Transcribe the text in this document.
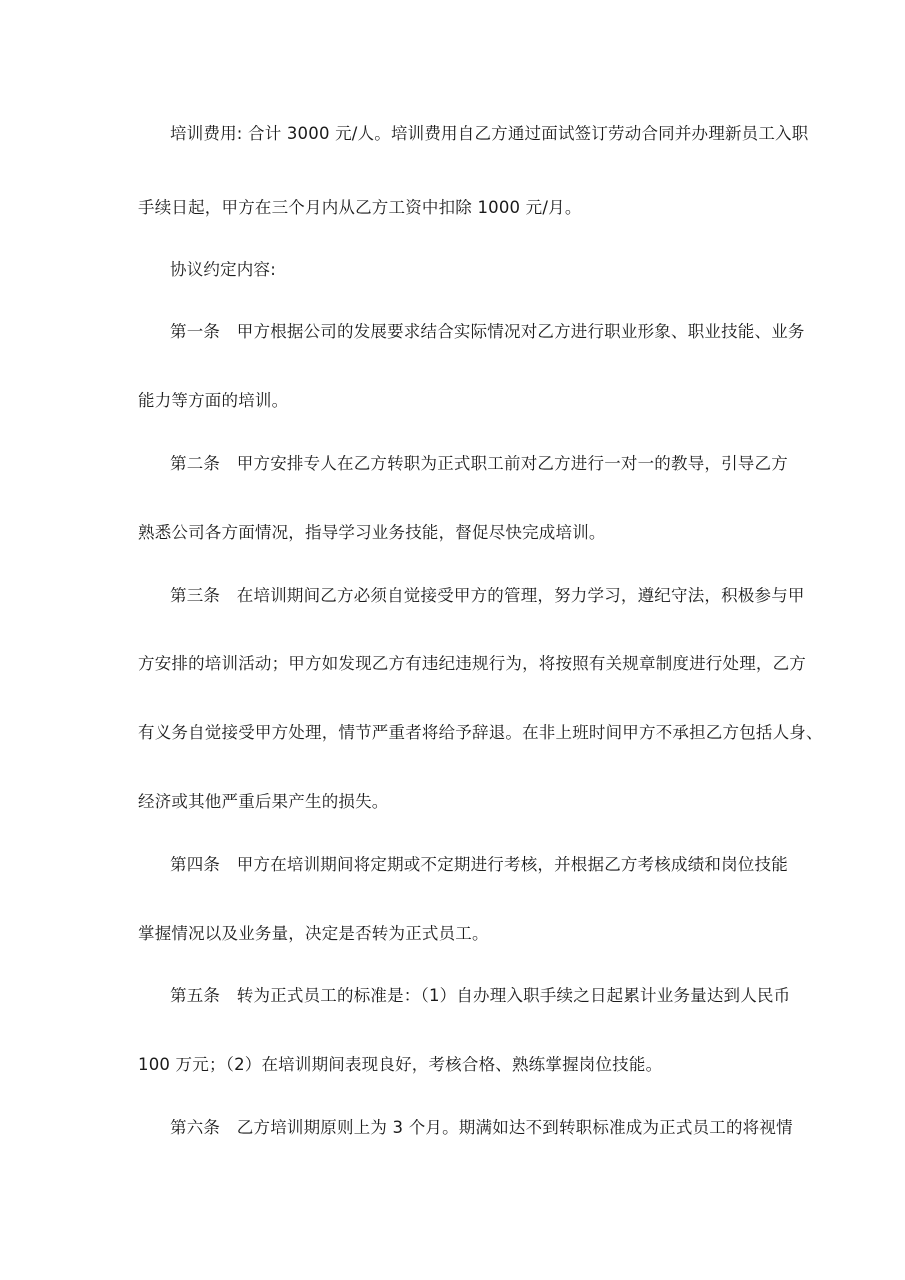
培训费用: 合计 3000 元/人。培训费用自乙方通过面试签订劳动合同并办理新员工入职
手续日起，甲方在三个月内从乙方工资中扣除 1000 元/月。
协议约定内容:
第一条　甲方根据公司的发展要求结合实际情况对乙方进行职业形象、职业技能、业务
能力等方面的培训。
第二条　甲方安排专人在乙方转职为正式职工前对乙方进行一对一的教导，引导乙方
熟悉公司各方面情况，指导学习业务技能，督促尽快完成培训。
第三条　在培训期间乙方必须自觉接受甲方的管理，努力学习，遵纪守法，积极参与甲
方安排的培训活动；甲方如发现乙方有违纪违规行为，将按照有关规章制度进行处理，乙方
有义务自觉接受甲方处理，情节严重者将给予辞退。在非上班时间甲方不承担乙方包括人身、
经济或其他严重后果产生的损失。
第四条　甲方在培训期间将定期或不定期进行考核，并根据乙方考核成绩和岗位技能
掌握情况以及业务量，决定是否转为正式员工。
第五条　转为正式员工的标准是：（1）自办理入职手续之日起累计业务量达到人民币
100 万元；（2）在培训期间表现良好，考核合格、熟练掌握岗位技能。
第六条　乙方培训期原则上为 3 个月。期满如达不到转职标准成为正式员工的将视情
